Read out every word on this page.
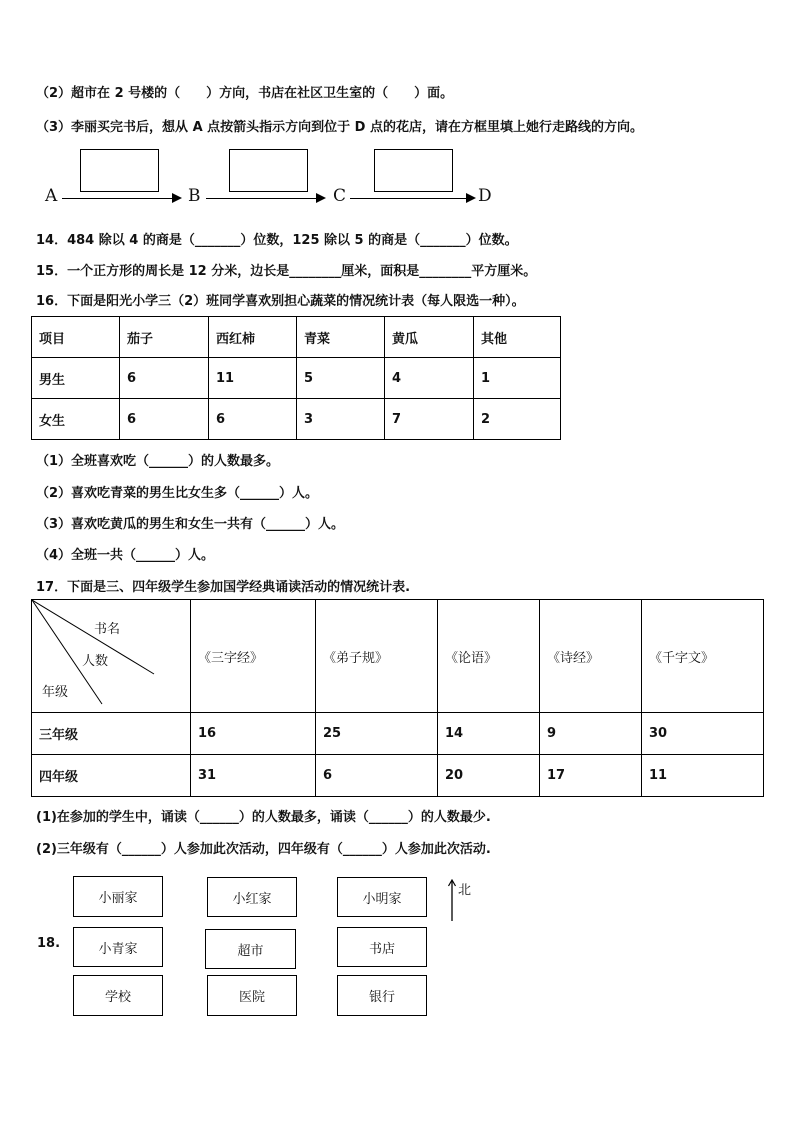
（2）超市在 2 号楼的（　　）方向，书店在社区卫生室的（　　）面。
（3）李丽买完书后，想从 A 点按箭头指示方向到位于 D 点的花店，请在方框里填上她行走路线的方向。
A	B	C	D
14．484 除以 4 的商是（_______）位数，125 除以 5 的商是（_______）位数。
15．一个正方形的周长是 12 分米，边长是________厘米，面积是________平方厘米。
16．下面是阳光小学三（2）班同学喜欢别担心蔬菜的情况统计表（每人限选一种）。
项目	茄子	西红柿	青菜	黄瓜	其他
男生	6	11	5	4	1
女生	6	6	3	7	2
（1）全班喜欢吃（______）的人数最多。
（2）喜欢吃青菜的男生比女生多（______）人。
（3）喜欢吃黄瓜的男生和女生一共有（______）人。
（4）全班一共（______）人。
17．下面是三、四年级学生参加国学经典诵读活动的情况统计表.
书名
人数
年级	《三字经》	《弟子规》	《论语》	《诗经》	《千字文》
三年级	16	25	14	9	30
四年级	31	6	20	17	11
(1)在参加的学生中，诵读（______）的人数最多，诵读（______）的人数最少.
(2)三年级有（______）人参加此次活动，四年级有（______）人参加此次活动.
18.
小丽家	小红家	小明家
小青家	超市	书店
学校	医院	银行
北
